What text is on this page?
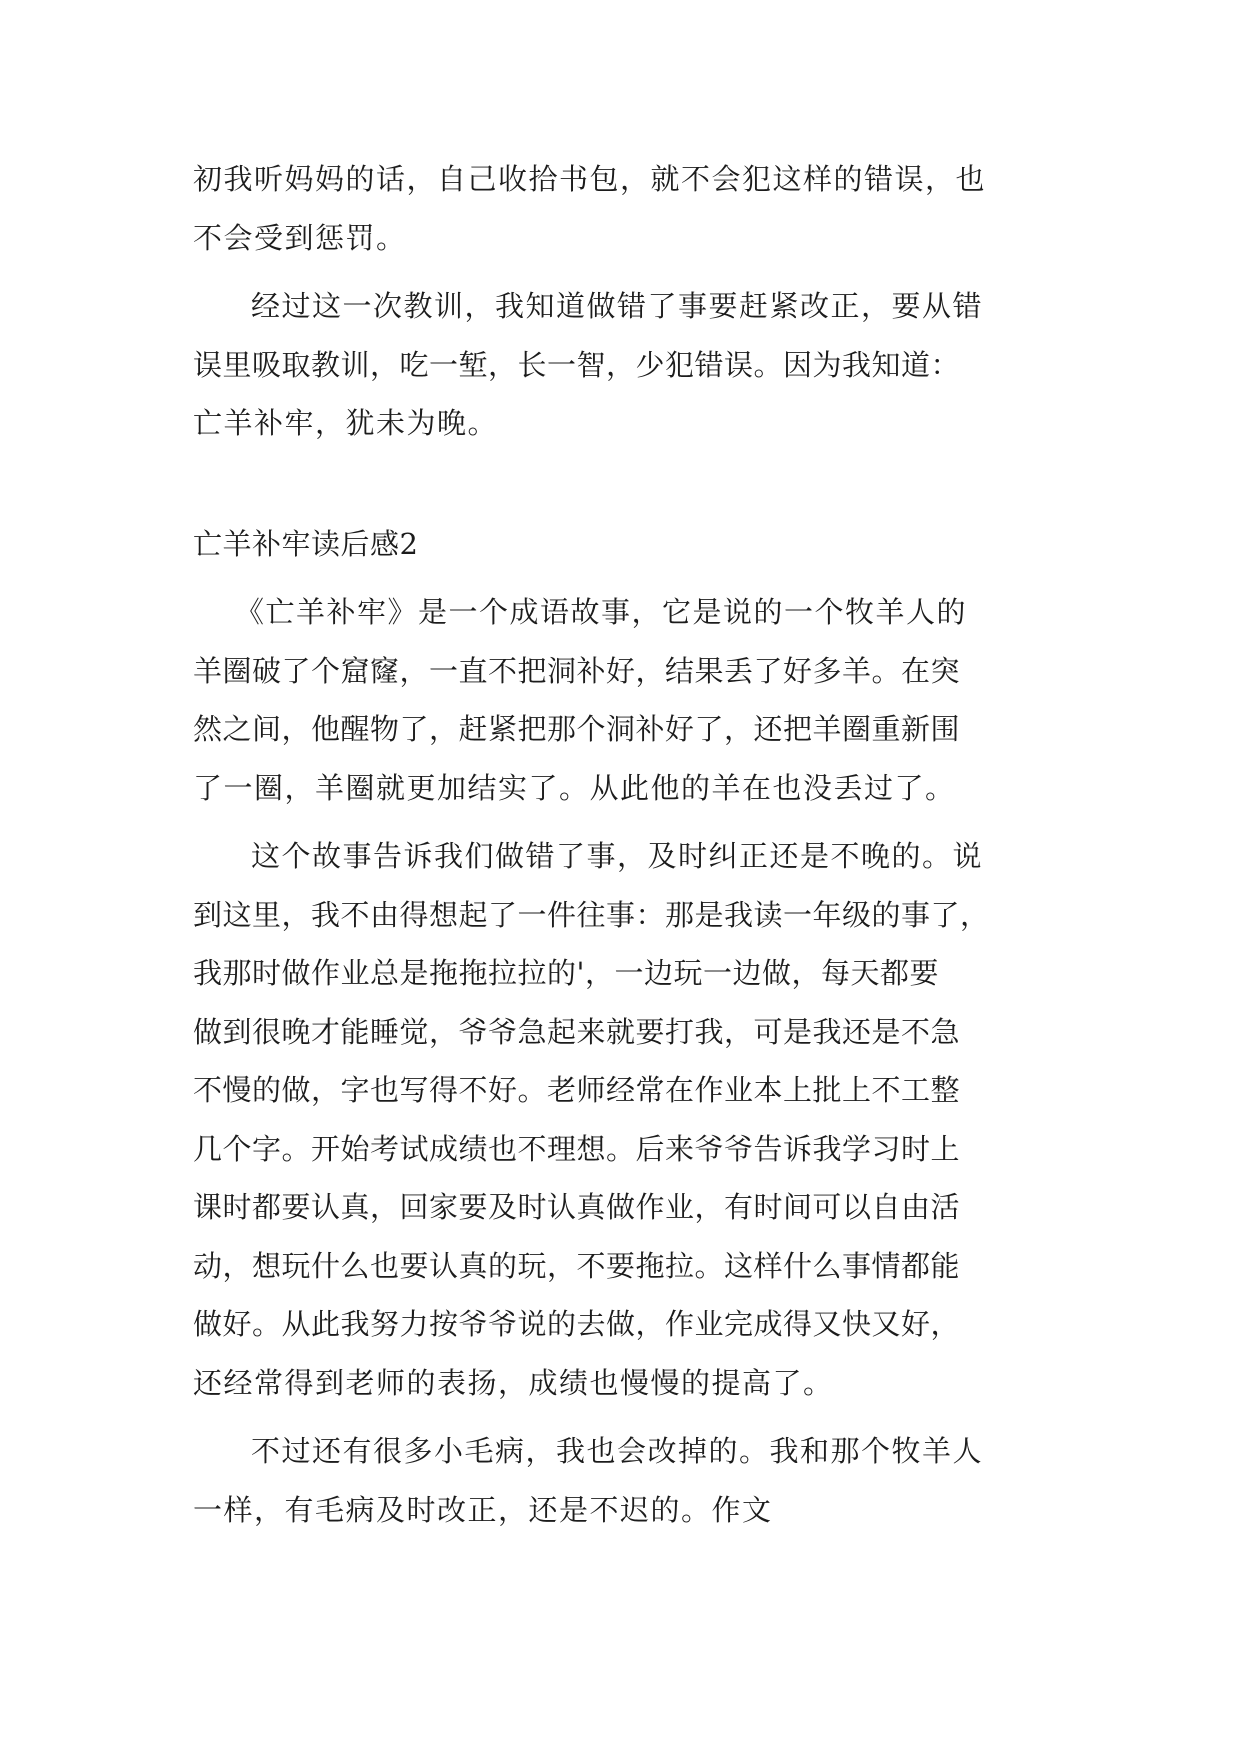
初我听妈妈的话，自己收拾书包，就不会犯这样的错误，也
不会受到惩罚。

经过这一次教训，我知道做错了事要赶紧改正，要从错
误里吸取教训，吃一堑，长一智，少犯错误。因为我知道：
亡羊补牢，犹未为晚。

亡羊补牢读后感2

《亡羊补牢》是一个成语故事，它是说的一个牧羊人的
羊圈破了个窟窿，一直不把洞补好，结果丢了好多羊。在突
然之间，他醒物了，赶紧把那个洞补好了，还把羊圈重新围
了一圈，羊圈就更加结实了。从此他的羊在也没丢过了。

这个故事告诉我们做错了事，及时纠正还是不晚的。说
到这里，我不由得想起了一件往事：那是我读一年级的事了，
我那时做作业总是拖拖拉拉的'，一边玩一边做，每天都要
做到很晚才能睡觉，爷爷急起来就要打我，可是我还是不急
不慢的做，字也写得不好。老师经常在作业本上批上不工整
几个字。开始考试成绩也不理想。后来爷爷告诉我学习时上
课时都要认真，回家要及时认真做作业，有时间可以自由活
动，想玩什么也要认真的玩，不要拖拉。这样什么事情都能
做好。从此我努力按爷爷说的去做，作业完成得又快又好，
还经常得到老师的表扬，成绩也慢慢的提高了。

不过还有很多小毛病，我也会改掉的。我和那个牧羊人
一样，有毛病及时改正，还是不迟的。作文
